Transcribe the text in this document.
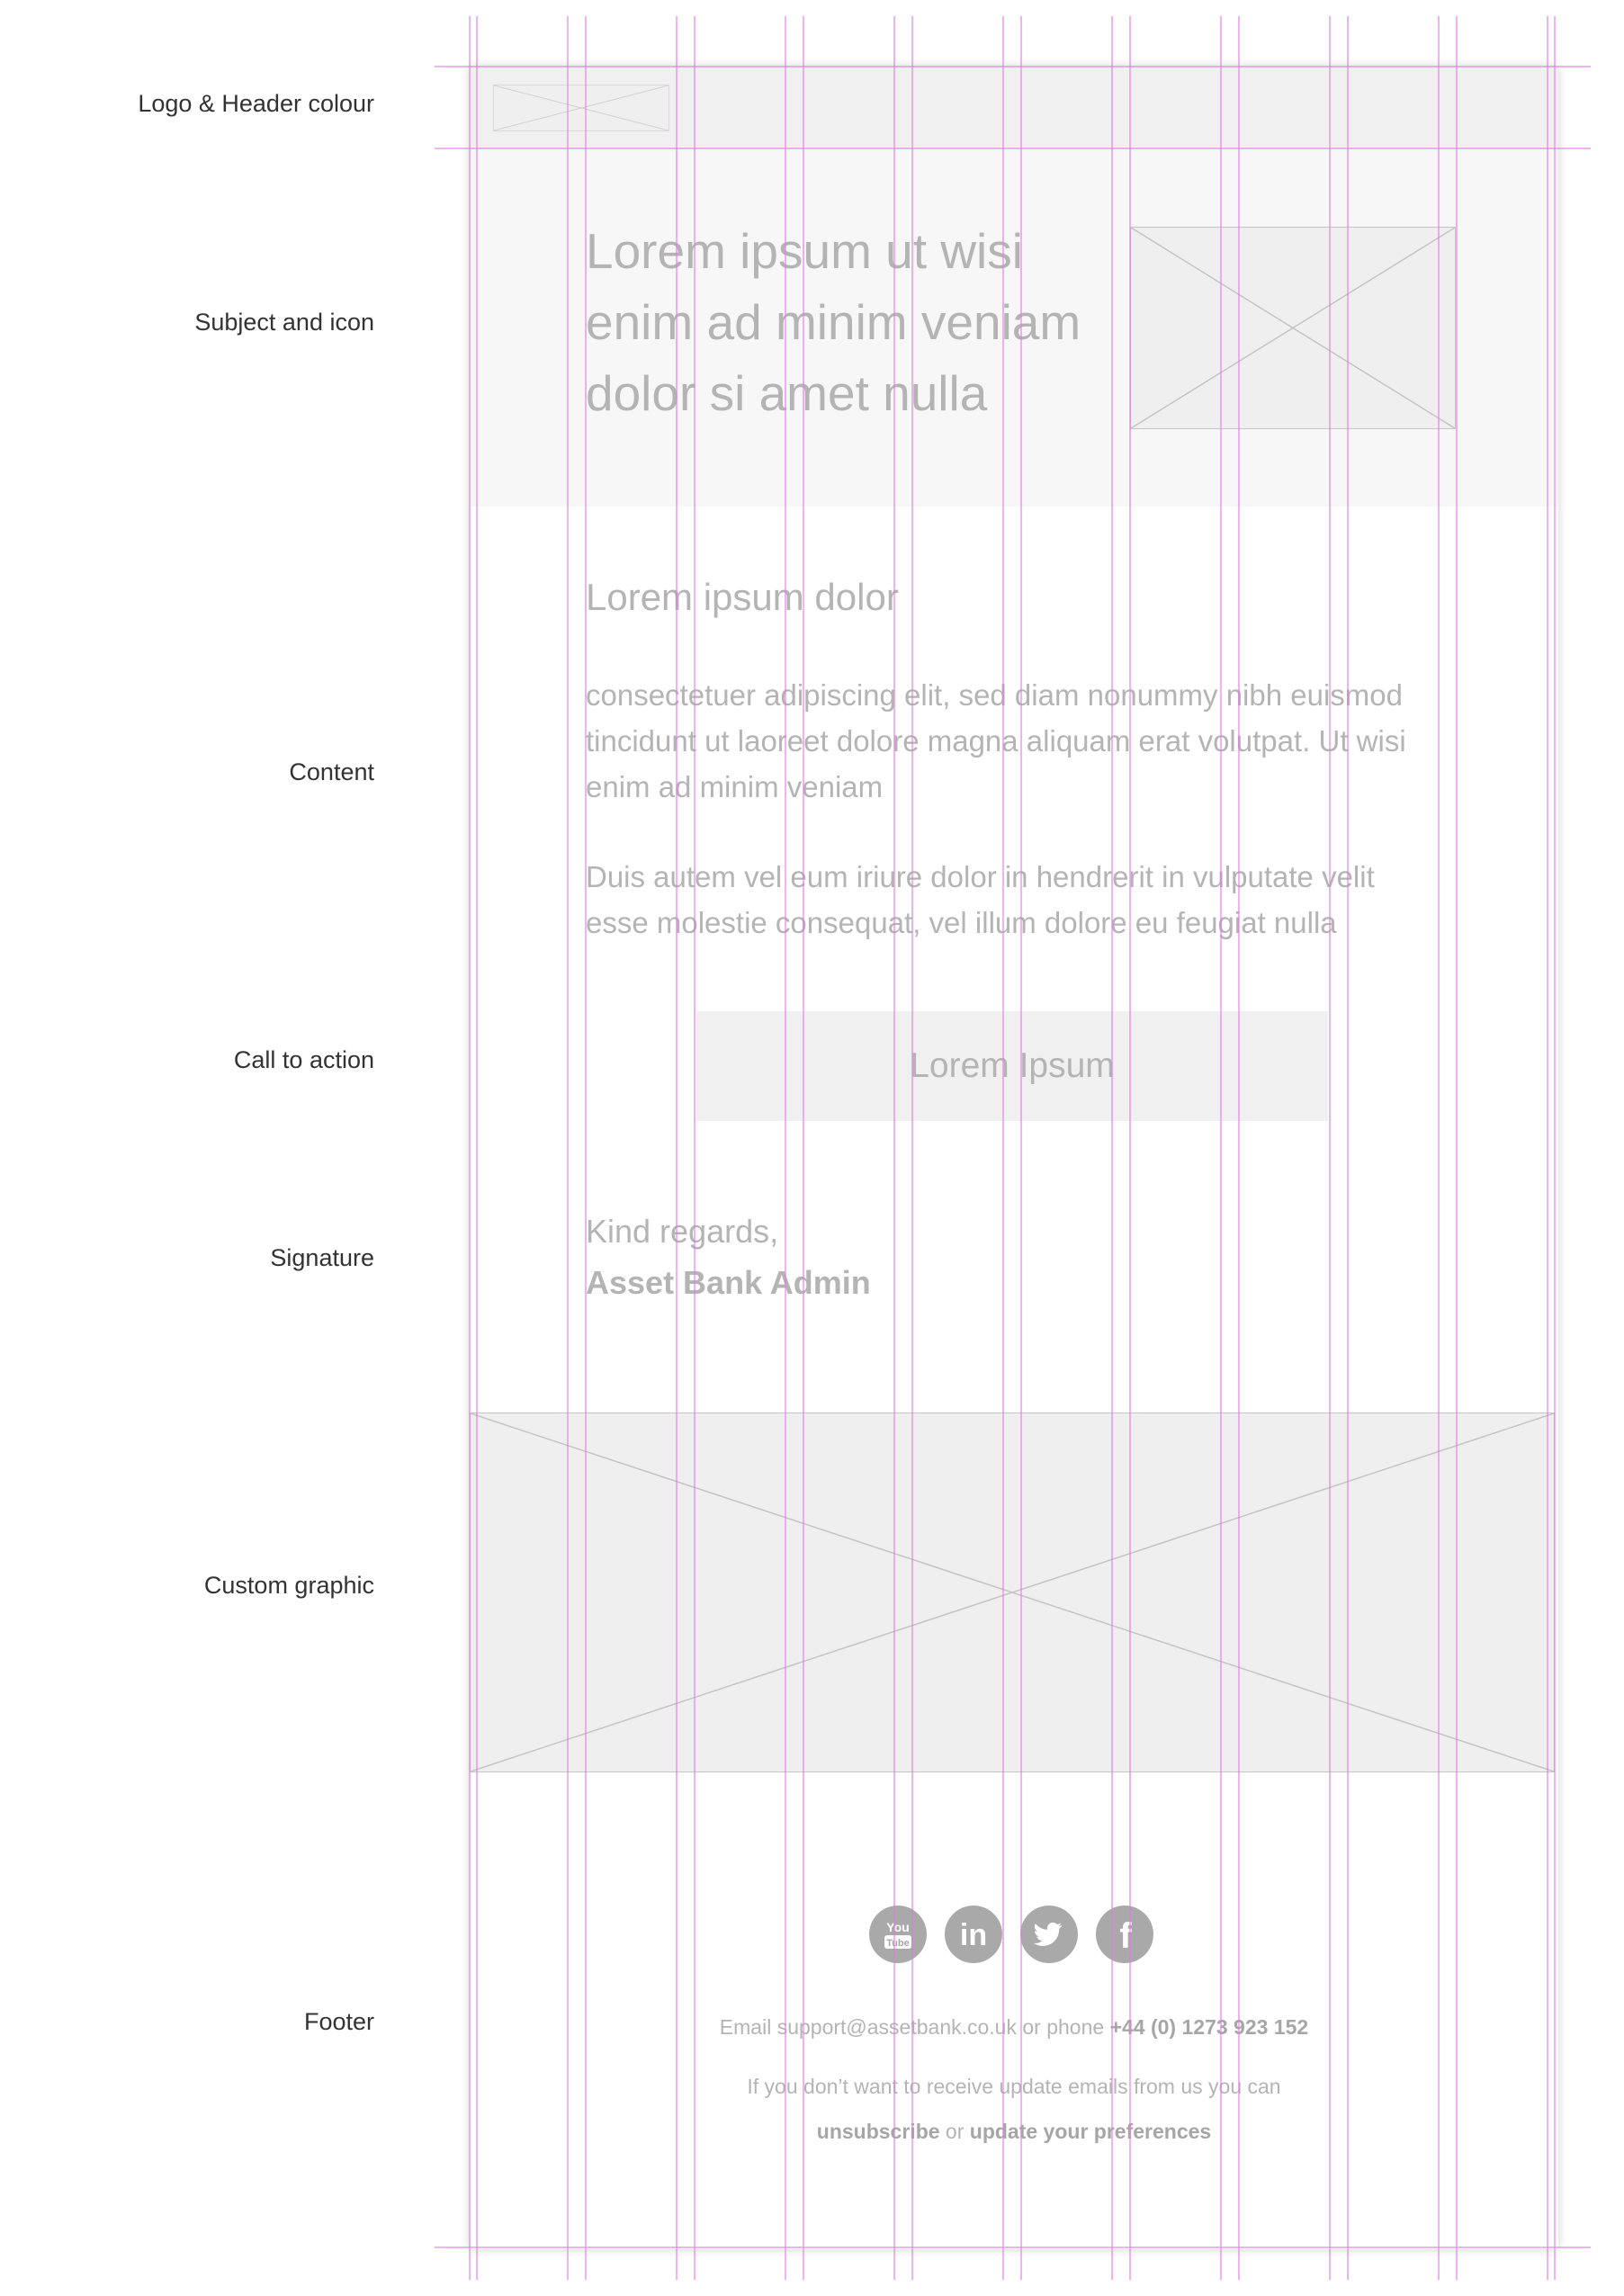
Logo & Header colour
Subject and icon
Content
Call to action
Signature
Custom graphic
Footer
Lorem ipsum ut wisi enim ad minim veniam dolor si amet nulla
Lorem ipsum dolor

consectetuer adipiscing elit, sed diam nonummy nibh euismod tincidunt ut laoreet dolore magna aliquam erat volutpat. Ut wisi enim ad minim veniam

Duis autem vel eum iriure dolor in hendrerit in vulputate velit esse molestie consequat, vel illum dolore eu feugiat nulla

Lorem Ipsum
Kind regards,
Asset Bank Admin
You
Tube in	f
Email support@assetbank.co.uk or phone +44 (0) 1273 923 152
If you don’t want to receive update emails from us you can
unsubscribe or update your preferences
